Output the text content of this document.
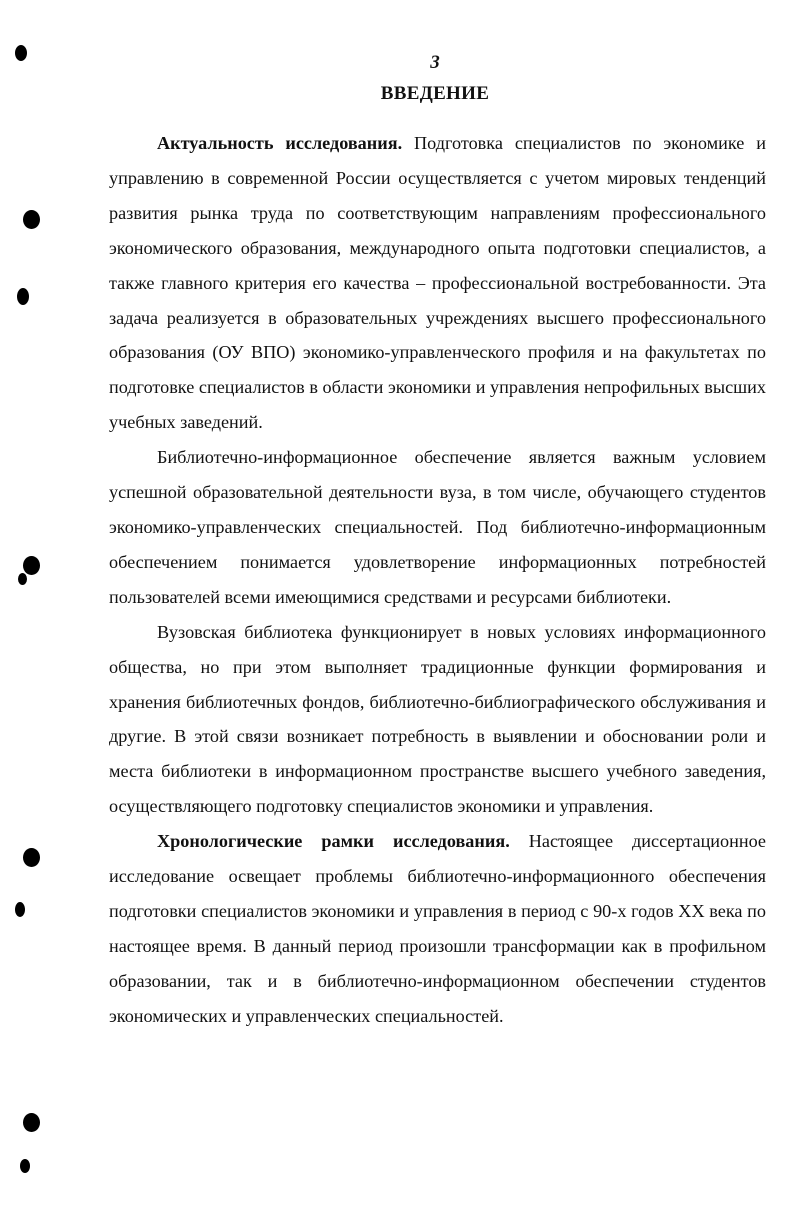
3
ВВЕДЕНИЕ

Актуальность исследования. Подготовка специалистов по экономике и управлению в современной России осуществляется с учетом мировых тенденций развития рынка труда по соответствующим направлениям профессионального экономического образования, международного опыта подготовки специалистов, а также главного критерия его качества – профессиональной востребованности. Эта задача реализуется в образовательных учреждениях высшего профессионального образования (ОУ ВПО) экономико-управленческого профиля и на факультетах по подготовке специалистов в области экономики и управления непрофильных высших учебных заведений.

Библиотечно-информационное обеспечение является важным условием успешной образовательной деятельности вуза, в том числе, обучающего студентов экономико-управленческих специальностей. Под библиотечно-информационным обеспечением понимается удовлетворение информационных потребностей пользователей всеми имеющимися средствами и ресурсами библиотеки.

Вузовская библиотека функционирует в новых условиях информационного общества, но при этом выполняет традиционные функции формирования и хранения библиотечных фондов, библиотечно-библиографического обслуживания и другие. В этой связи возникает потребность в выявлении и обосновании роли и места библиотеки в информационном пространстве высшего учебного заведения, осуществляющего подготовку специалистов экономики и управления.

Хронологические рамки исследования. Настоящее диссертационное исследование освещает проблемы библиотечно-информационного обеспечения подготовки специалистов экономики и управления в период с 90-х годов XX века по настоящее время. В данный период произошли трансформации как в профильном образовании, так и в библиотечно-информационном обеспечении студентов экономических и управленческих специальностей.
